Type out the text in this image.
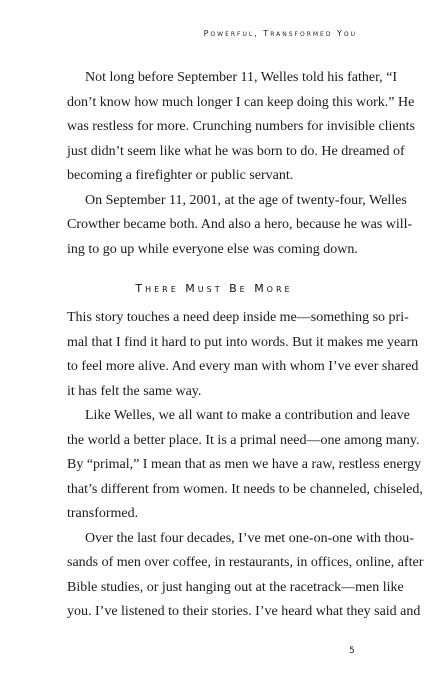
Powerful, Transformed You
Not long before September 11, Welles told his father, “I
don’t know how much longer I can keep doing this work.” He
was restless for more. Crunching numbers for invisible clients
just didn’t seem like what he was born to do. He dreamed of
becoming a firefighter or public servant.
On September 11, 2001, at the age of twenty-four, Welles
Crowther became both. And also a hero, because he was will-
ing to go up while everyone else was coming down.
There Must Be More
This story touches a need deep inside me—something so pri-
mal that I find it hard to put into words. But it makes me yearn
to feel more alive. And every man with whom I’ve ever shared
it has felt the same way.
Like Welles, we all want to make a contribution and leave
the world a better place. It is a primal need—one among many.
By “primal,” I mean that as men we have a raw, restless energy
that’s different from women. It needs to be channeled, chiseled,
transformed.
Over the last four decades, I’ve met one-on-one with thou-
sands of men over coffee, in restaurants, in offices, online, after
Bible studies, or just hanging out at the racetrack—men like
you. I’ve listened to their stories. I’ve heard what they said and
5
